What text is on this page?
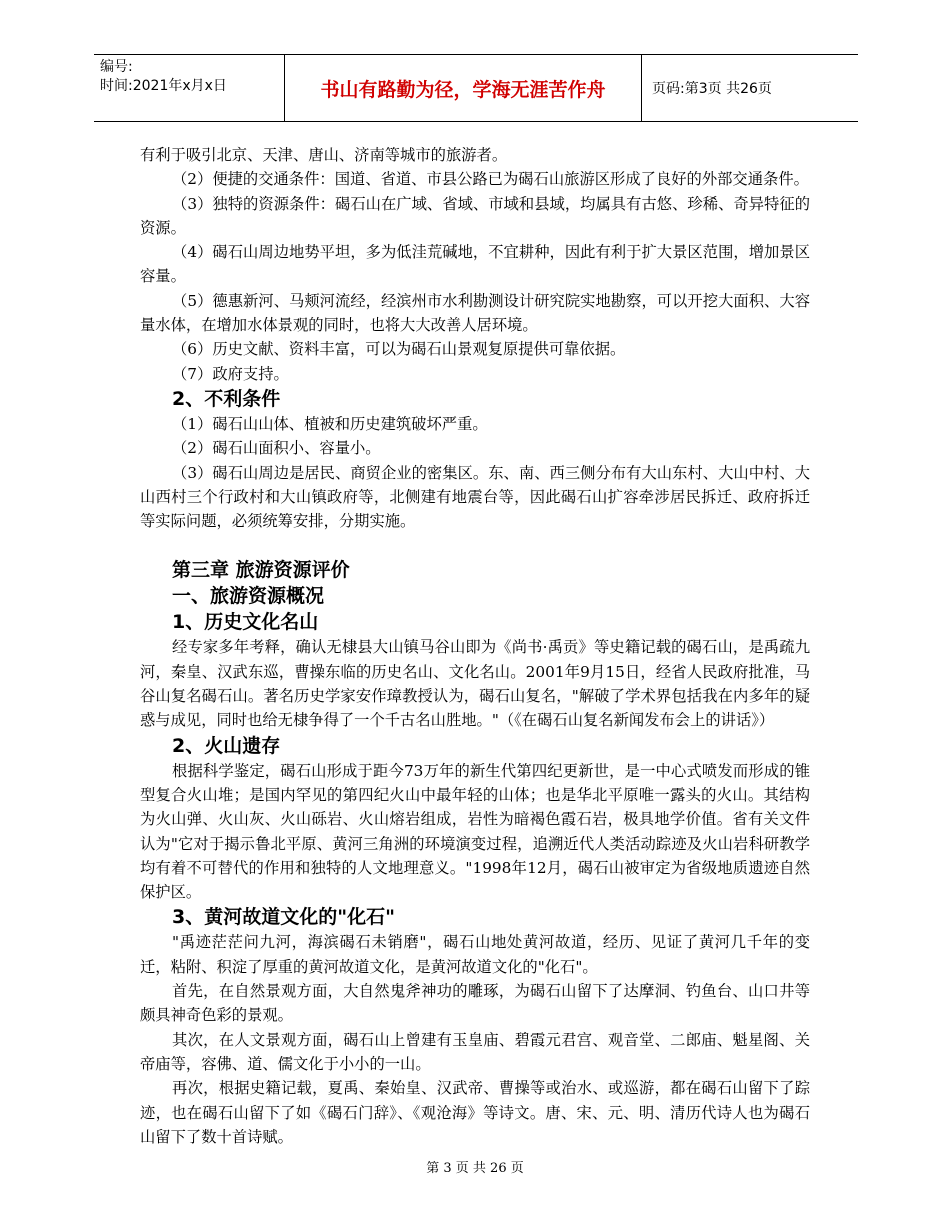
编号:
时间:2021年x月x日	书山有路勤为径，学海无涯苦作舟	页码:第3页 共26页

有利于吸引北京、天津、唐山、济南等城市的旅游者。

（2）便捷的交通条件：国道、省道、市县公路已为碣石山旅游区形成了良好的外部交通条件。

（3）独特的资源条件：碣石山在广域、省域、市域和县域，均属具有古悠、珍稀、奇异特征的资源。

（4）碣石山周边地势平坦，多为低洼荒碱地，不宜耕种，因此有利于扩大景区范围，增加景区容量。

（5）德惠新河、马颊河流经，经滨州市水利勘测设计研究院实地勘察，可以开挖大面积、大容量水体，在增加水体景观的同时，也将大大改善人居环境。

（6）历史文献、资料丰富，可以为碣石山景观复原提供可靠依据。

（7）政府支持。

2、不利条件

（1）碣石山山体、植被和历史建筑破坏严重。

（2）碣石山面积小、容量小。

（3）碣石山周边是居民、商贸企业的密集区。东、南、西三侧分布有大山东村、大山中村、大山西村三个行政村和大山镇政府等，北侧建有地震台等，因此碣石山扩容牵涉居民拆迁、政府拆迁等实际问题，必须统筹安排，分期实施。

第三章 旅游资源评价
一、旅游资源概况
1、历史文化名山

经专家多年考释，确认无棣县大山镇马谷山即为《尚书·禹贡》等史籍记载的碣石山，是禹疏九河，秦皇、汉武东巡，曹操东临的历史名山、文化名山。2001年9月15日，经省人民政府批准，马谷山复名碣石山。著名历史学家安作璋教授认为，碣石山复名，"解破了学术界包括我在内多年的疑惑与成见，同时也给无棣争得了一个千古名山胜地。"（《在碣石山复名新闻发布会上的讲话》）

2、火山遗存

根据科学鉴定，碣石山形成于距今73万年的新生代第四纪更新世，是一中心式喷发而形成的锥型复合火山堆；是国内罕见的第四纪火山中最年轻的山体；也是华北平原唯一露头的火山。其结构为火山弹、火山灰、火山砾岩、火山熔岩组成，岩性为暗褐色霞石岩，极具地学价值。省有关文件认为"它对于揭示鲁北平原、黄河三角洲的环境演变过程，追溯近代人类活动踪迹及火山岩科研教学均有着不可替代的作用和独特的人文地理意义。"1998年12月，碣石山被审定为省级地质遗迹自然保护区。

3、黄河故道文化的"化石"

"禹迹茫茫问九河，海滨碣石未销磨"，碣石山地处黄河故道，经历、见证了黄河几千年的变迁，粘附、积淀了厚重的黄河故道文化，是黄河故道文化的"化石"。

首先，在自然景观方面，大自然鬼斧神功的雕琢，为碣石山留下了达摩洞、钓鱼台、山口井等颇具神奇色彩的景观。

其次，在人文景观方面，碣石山上曾建有玉皇庙、碧霞元君宫、观音堂、二郎庙、魁星阁、关帝庙等，容佛、道、儒文化于小小的一山。

再次，根据史籍记载，夏禹、秦始皇、汉武帝、曹操等或治水、或巡游，都在碣石山留下了踪迹，也在碣石山留下了如《碣石门辞》、《观沧海》等诗文。唐、宋、元、明、清历代诗人也为碣石山留下了数十首诗赋。

第 3 页 共 26 页
